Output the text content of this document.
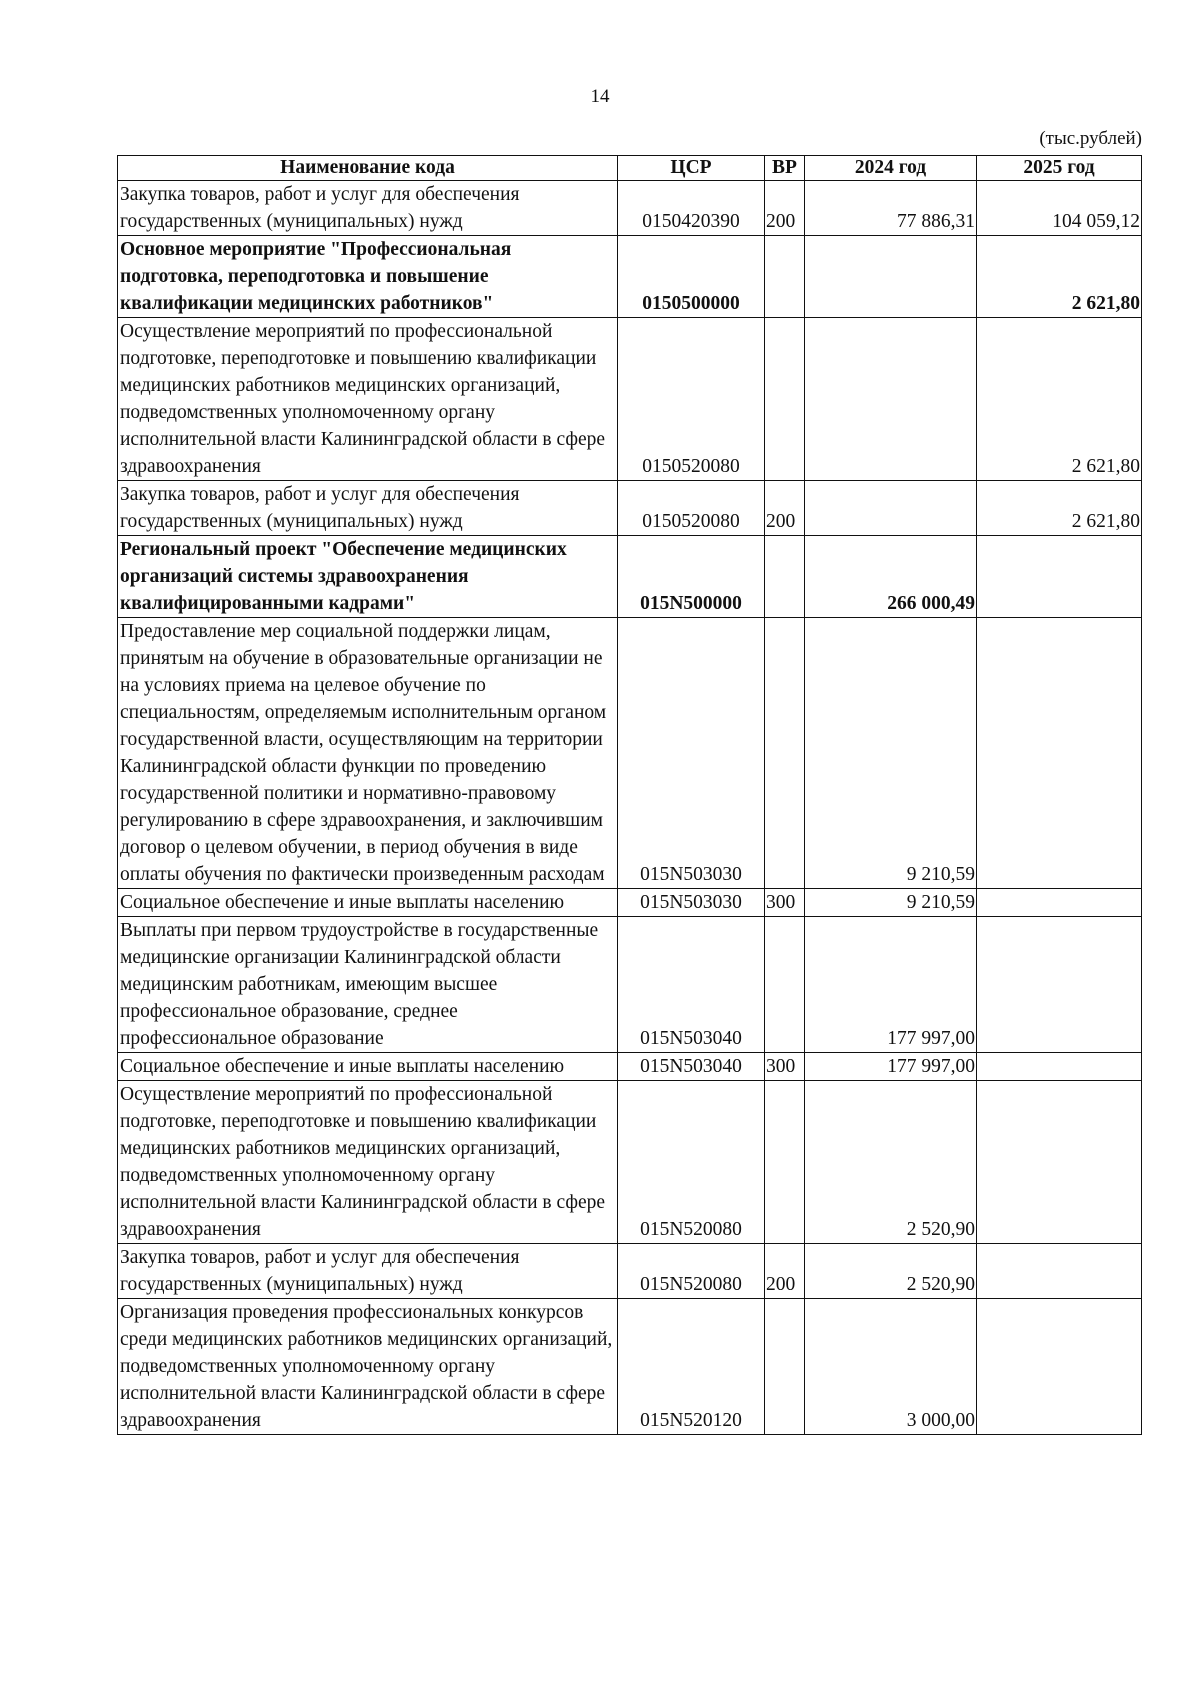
14
(тыс.рублей)
Наименование кода	ЦСР	ВР	2024 год	2025 год
Закупка товаров, работ и услуг для обеспечения государственных (муниципальных) нужд	0150420390	200	77 886,31	104 059,12
Основное мероприятие "Профессиональная подготовка, переподготовка и повышение квалификации медицинских работников"	0150500000			2 621,80
Осуществление мероприятий по профессиональной подготовке, переподготовке и повышению квалификации медицинских работников медицинских организаций, подведомственных уполномоченному органу исполнительной власти Калининградской области в сфере здравоохранения	0150520080			2 621,80
Закупка товаров, работ и услуг для обеспечения государственных (муниципальных) нужд	0150520080	200		2 621,80
Региональный проект "Обеспечение медицинских организаций системы здравоохранения квалифицированными кадрами"	015N500000		266 000,49	
Предоставление мер социальной поддержки лицам, принятым на обучение в образовательные организации не на условиях приема на целевое обучение по специальностям, определяемым исполнительным органом государственной власти, осуществляющим на территории Калининградской области функции по проведению государственной политики и нормативно-правовому регулированию в сфере здравоохранения, и заключившим договор о целевом обучении, в период обучения в виде оплаты обучения по фактически произведенным расходам	015N503030		9 210,59	
Социальное обеспечение и иные выплаты населению	015N503030	300	9 210,59	
Выплаты при первом трудоустройстве в государственные медицинские организации Калининградской области медицинским работникам, имеющим высшее профессиональное образование, среднее профессиональное образование	015N503040		177 997,00	
Социальное обеспечение и иные выплаты населению	015N503040	300	177 997,00	
Осуществление мероприятий по профессиональной подготовке, переподготовке и повышению квалификации медицинских работников медицинских организаций, подведомственных уполномоченному органу исполнительной власти Калининградской области в сфере здравоохранения	015N520080		2 520,90	
Закупка товаров, работ и услуг для обеспечения государственных (муниципальных) нужд	015N520080	200	2 520,90	
Организация проведения профессиональных конкурсов среди медицинских работников медицинских организаций, подведомственных уполномоченному органу исполнительной власти Калининградской области в сфере здравоохранения	015N520120		3 000,00	
